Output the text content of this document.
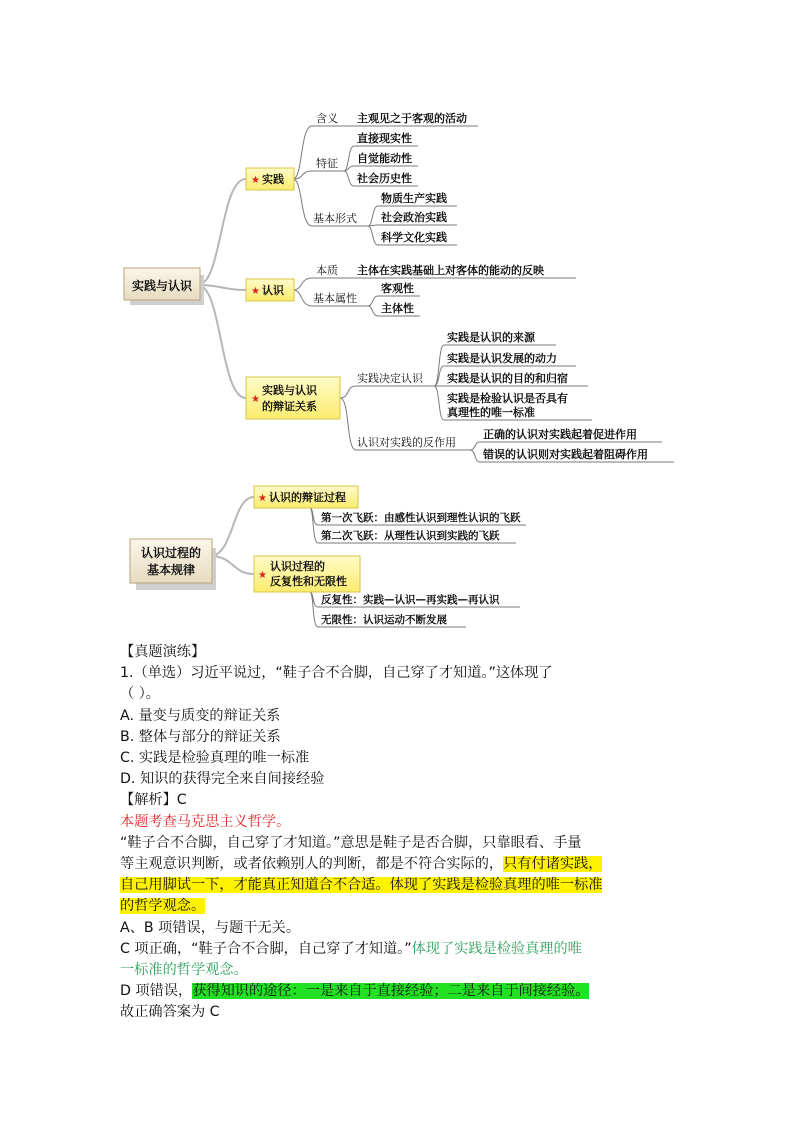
实践与认识
★ 实践
★ 认识
★
实践与认识
的辩证关系
含义 主观见之于客观的活动
特征
直接现实性
自觉能动性
社会历史性
基本形式
物质生产实践
社会政治实践
科学文化实践
本质 主体在实践基础上对客体的能动的反映
基本属性
客观性
主体性
实践决定认识
实践是认识的来源
实践是认识发展的动力
实践是认识的目的和归宿
实践是检验认识是否具有
真理性的唯一标准
认识对实践的反作用
正确的认识对实践起着促进作用
错误的认识则对实践起着阻碍作用
认识过程的
基本规律
★ 认识的辩证过程
★
认识过程的
反复性和无限性
第一次飞跃：由感性认识到理性认识的飞跃
第二次飞跃：从理性认识到实践的飞跃
反复性：实践—认识—再实践—再认识
无限性：认识运动不断发展

【真题演练】

1.（单选）习近平说过，“鞋子合不合脚，自己穿了才知道。”这体现了

（ ）。

A. 量变与质变的辩证关系

B. 整体与部分的辩证关系

C. 实践是检验真理的唯一标准

D. 知识的获得完全来自间接经验

【解析】C

本题考查马克思主义哲学。

“鞋子合不合脚，自己穿了才知道。”意思是鞋子是否合脚，只靠眼看、手量

等主观意识判断，或者依赖别人的判断，都是不符合实际的，只有付诸实践，

自己用脚试一下，才能真正知道合不合适。体现了实践是检验真理的唯一标准

的哲学观念。

A、B 项错误，与题干无关。

C 项正确，“鞋子合不合脚，自己穿了才知道。”体现了实践是检验真理的唯

一标准的哲学观念。

D 项错误，获得知识的途径：一是来自于直接经验；二是来自于间接经验。

故正确答案为 C
